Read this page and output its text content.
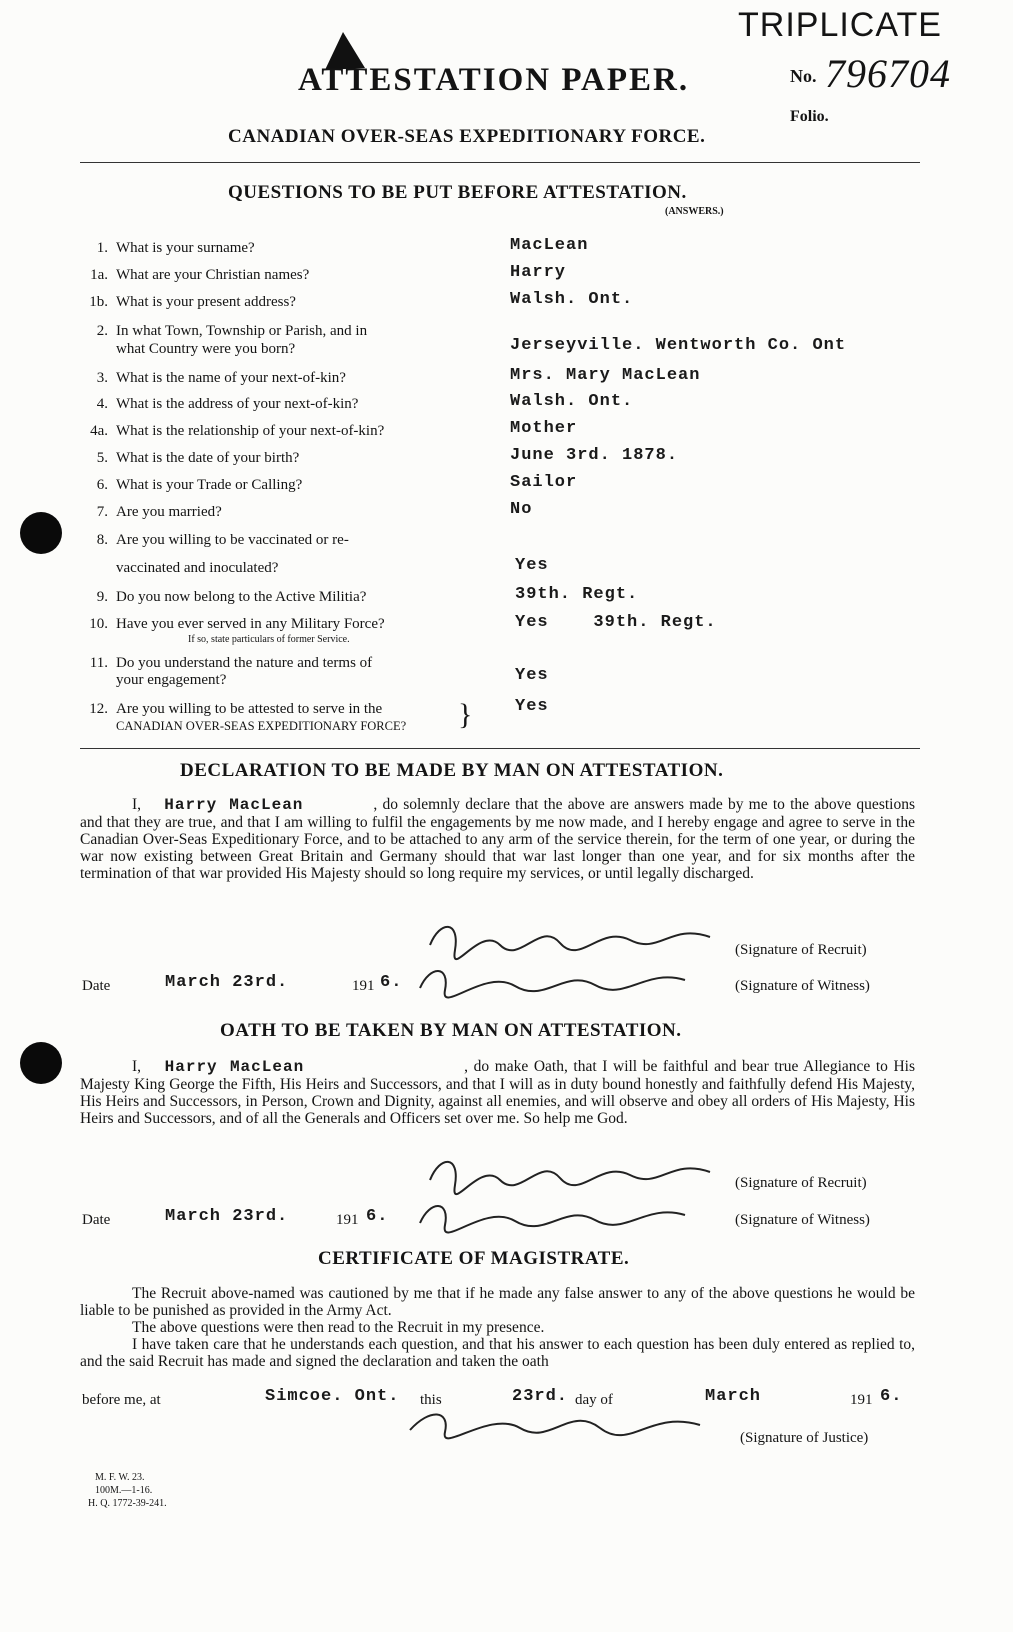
TRIPLICATE
No. 796704
Folio.
ATTESTATION PAPER.
CANADIAN OVER-SEAS EXPEDITIONARY FORCE.
QUESTIONS TO BE PUT BEFORE ATTESTATION.
(ANSWERS.)
1. What is your surname?	MacLean
1a. What are your Christian names?	Harry
1b. What is your present address?	Walsh. Ont.
2. In what Town, Township or Parish, and in
what Country were you born?	Jerseyville. Wentworth Co. Ont
3. What is the name of your next-of-kin?	Mrs. Mary MacLean
4. What is the address of your next-of-kin?	Walsh. Ont.
4a. What is the relationship of your next-of-kin?	Mother
5. What is the date of your birth?	June 3rd. 1878.
6. What is your Trade or Calling?	Sailor
7. Are you married?	No
8. Are you willing to be vaccinated or re-
vaccinated and inoculated?	Yes
9. Do you now belong to the Active Militia?	39th. Regt.
10. Have you ever served in any Military Force?
If so, state particulars of former Service.
Yes    39th. Regt.
11. Do you understand the nature and terms of
your engagement?	Yes
12. Are you willing to be attested to serve in the
CANADIAN OVER-SEAS EXPEDITIONARY FORCE? }	Yes
DECLARATION TO BE MADE BY MAN ON ATTESTATION.
I, Harry MacLean	, do solemnly declare that the above are answers made by me to the above questions and that they are true, and that I am willing to fulfil the engagements by me now made, and I hereby engage and agree to serve in the Canadian Over-Seas Expeditionary Force, and to be attached to any arm of the service therein, for the term of one year, or during the war now existing between Great Britain and Germany should that war last longer than one year, and for six months after the termination of that war provided His Majesty should so long require my services, or until legally discharged.
(Signature of Recruit)
Date	March 23rd.	191 6.	(Signature of Witness)
OATH TO BE TAKEN BY MAN ON ATTESTATION.
I, Harry MacLean	, do make Oath, that I will be faithful and bear true Allegiance to His Majesty King George the Fifth, His Heirs and Successors, and that I will as in duty bound honestly and faithfully defend His Majesty, His Heirs and Successors, in Person, Crown and Dignity, against all enemies, and will observe and obey all orders of His Majesty, His Heirs and Successors, and of all the Generals and Officers set over me. So help me God.
(Signature of Recruit)
Date	March 23rd.	191 6.	(Signature of Witness)
CERTIFICATE OF MAGISTRATE.
The Recruit above-named was cautioned by me that if he made any false answer to any of the above questions he would be liable to be punished as provided in the Army Act.
The above questions were then read to the Recruit in my presence.
I have taken care that he understands each question, and that his answer to each question has been duly entered as replied to, and the said Recruit has made and signed the declaration and taken the oath
before me, at	Simcoe. Ont. this	23rd. day of	March	191 6.
(Signature of Justice)
M. F. W. 23.
100M.—1-16.
H. Q. 1772-39-241.
